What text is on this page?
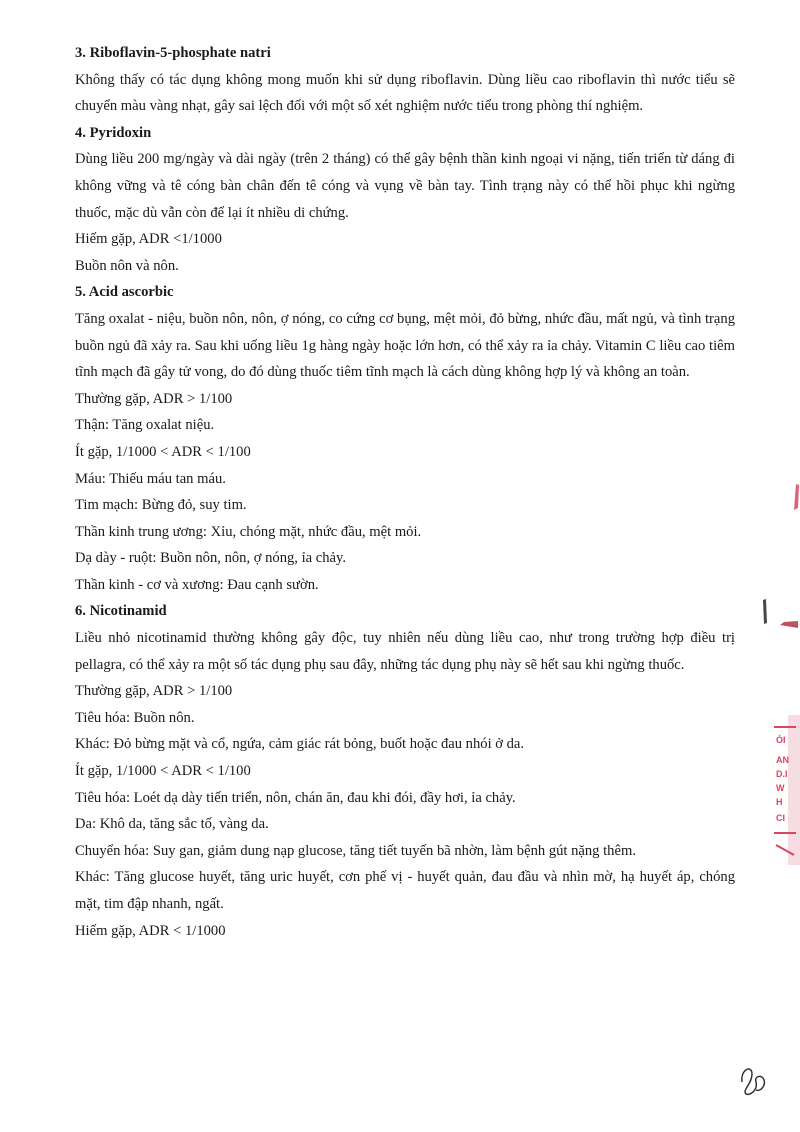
3. Riboflavin-5-phosphate natri

Không thấy có tác dụng không mong muốn khi sử dụng riboflavin. Dùng liều cao riboflavin thì nước tiểu sẽ chuyển màu vàng nhạt, gây sai lệch đối với một số xét nghiệm nước tiểu trong phòng thí nghiệm.

4. Pyridoxin

Dùng liều 200 mg/ngày và dài ngày (trên 2 tháng) có thể gây bệnh thần kinh ngoại vi nặng, tiến triển từ dáng đi không vững và tê cóng bàn chân đến tê cóng và vụng về bàn tay. Tình trạng này có thể hồi phục khi ngừng thuốc, mặc dù vẫn còn để lại ít nhiều di chứng.

Hiếm gặp, ADR <1/1000

Buồn nôn và nôn.

5. Acid ascorbic

Tăng oxalat - niệu, buồn nôn, nôn, ợ nóng, co cứng cơ bụng, mệt mỏi, đỏ bừng, nhức đầu, mất ngủ, và tình trạng buồn ngủ đã xảy ra. Sau khi uống liều 1g hàng ngày hoặc lớn hơn, có thể xảy ra ỉa chảy. Vitamin C liều cao tiêm tĩnh mạch đã gây tử vong, do đó dùng thuốc tiêm tĩnh mạch là cách dùng không hợp lý và không an toàn.

Thường gặp, ADR > 1/100

Thận: Tăng oxalat niệu.

Ít gặp, 1/1000 < ADR < 1/100

Máu: Thiếu máu tan máu.

Tim mạch: Bừng đỏ, suy tim.

Thần kinh trung ương: Xỉu, chóng mặt, nhức đầu, mệt mỏi.

Dạ dày - ruột: Buồn nôn, nôn, ợ nóng, ỉa chảy.

Thần kinh - cơ và xương: Đau cạnh sườn.

6. Nicotinamid

Liều nhỏ nicotinamid thường không gây độc, tuy nhiên nếu dùng liều cao, như trong trường hợp điều trị pellagra, có thể xảy ra một số tác dụng phụ sau đây, những tác dụng phụ này sẽ hết sau khi ngừng thuốc.

Thường gặp, ADR > 1/100

Tiêu hóa: Buồn nôn.

Khác: Đỏ bừng mặt và cổ, ngứa, cảm giác rát bỏng, buốt hoặc đau nhói ở da.

Ít gặp, 1/1000 < ADR < 1/100

Tiêu hóa: Loét dạ dày tiến triển, nôn, chán ăn, đau khi đói, đầy hơi, ỉa chảy.

Da: Khô da, tăng sắc tố, vàng da.

Chuyển hóa: Suy gan, giảm dung nạp glucose, tăng tiết tuyến bã nhờn, làm bệnh gút nặng thêm.

Khác: Tăng glucose huyết, tăng uric huyết, cơn phế vị - huyết quản, đau đầu và nhìn mờ, hạ huyết áp, chóng mặt, tim đập nhanh, ngất.

Hiếm gặp, ADR < 1/1000

ÒI
AN
D.I
W
H
CI
